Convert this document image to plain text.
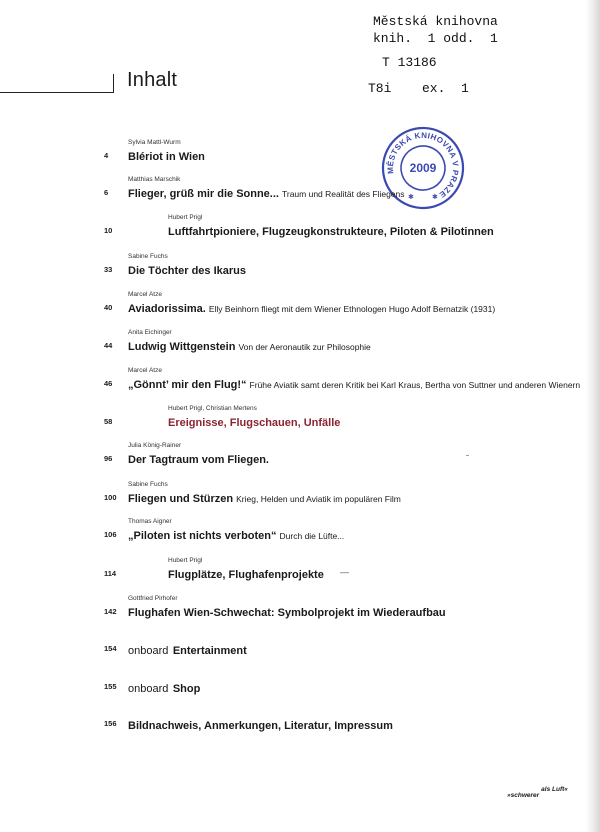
Inhalt
Městská knihovna
knih.  1 odd.  1
T 13186
T8i ex.  1
MĚSTSKÁ KNIHOVNA V PRAZE
2009
✱	✱
Sylvia Mattl-Wurm
4 Blériot in Wien
Matthias Marschik
6 Flieger, grüß mir die Sonne... Traum und Realität des Fliegens
Hubert Prigl
10	Luftfahrtpioniere, Flugzeugkonstrukteure, Piloten & Pilotinnen
Sabine Fuchs
33 Die Töchter des Ikarus
Marcel Atze
40 Aviadorissima. Elly Beinhorn fliegt mit dem Wiener Ethnologen Hugo Adolf Bernatzik (1931)
Anita Eichinger
44 Ludwig Wittgenstein Von der Aeronautik zur Philosophie
Marcel Atze
46 „Gönnt’ mir den Flug!“ Frühe Aviatik samt deren Kritik bei Karl Kraus, Bertha von Suttner und anderen Wienern
Hubert Prigl, Christian Mertens
58	Ereignisse, Flugschauen, Unfälle
Julia König-Rainer
96 Der Tagtraum vom Fliegen.
Sabine Fuchs
100 Fliegen und Stürzen Krieg, Helden und Aviatik im populären Film
Thomas Aigner
106 „Piloten ist nichts verboten“ Durch die Lüfte...
Hubert Prigl
114	Flugplätze, Flughafenprojekte
Gottfried Pirhofer
142 Flughafen Wien-Schwechat: Symbolprojekt im Wiederaufbau
154 onboard Entertainment
155 onboard Shop
156 Bildnachweis, Anmerkungen, Literatur, Impressum
˗
—
»schwererals Luft«
